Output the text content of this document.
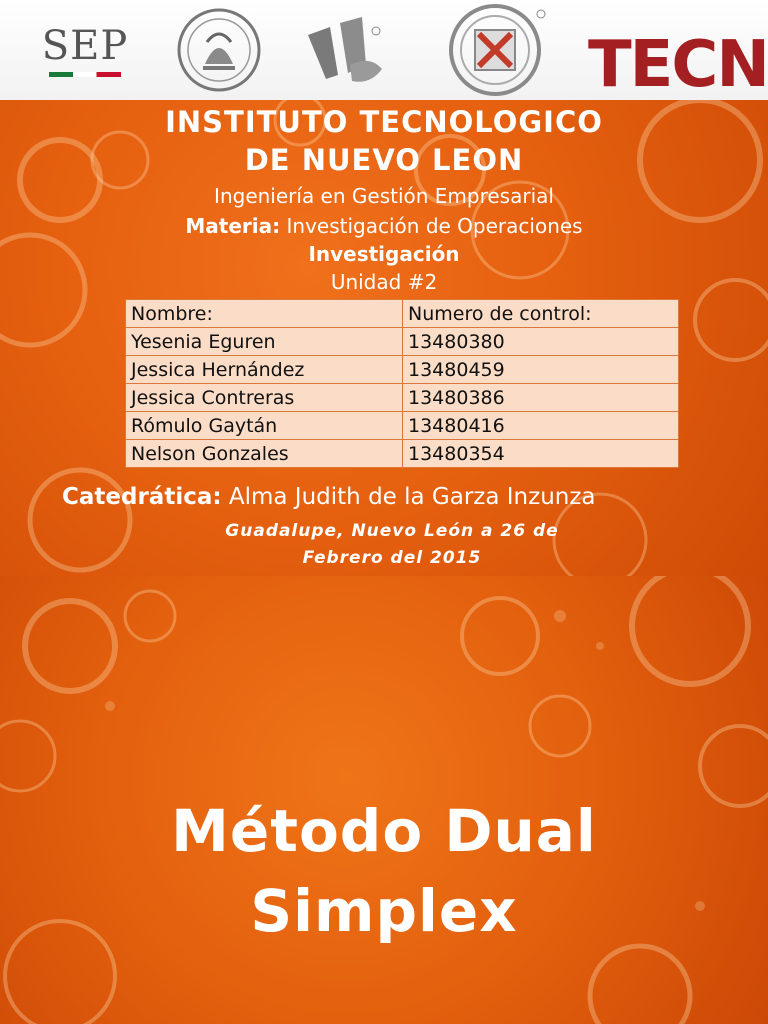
SEP	TECN
INSTITUTO TECNOLOGICO
DE NUEVO LEON
Ingeniería en Gestión Empresarial
Materia: Investigación de Operaciones
Investigación
Unidad #2
Nombre:	Numero de control:
Yesenia Eguren	13480380
Jessica Hernández	13480459
Jessica Contreras	13480386
Rómulo Gaytán	13480416
Nelson Gonzales	13480354
Catedrática: Alma Judith de la Garza Inzunza
Guadalupe, Nuevo León a 26 de
Febrero del 2015
Método Dual
Simplex
